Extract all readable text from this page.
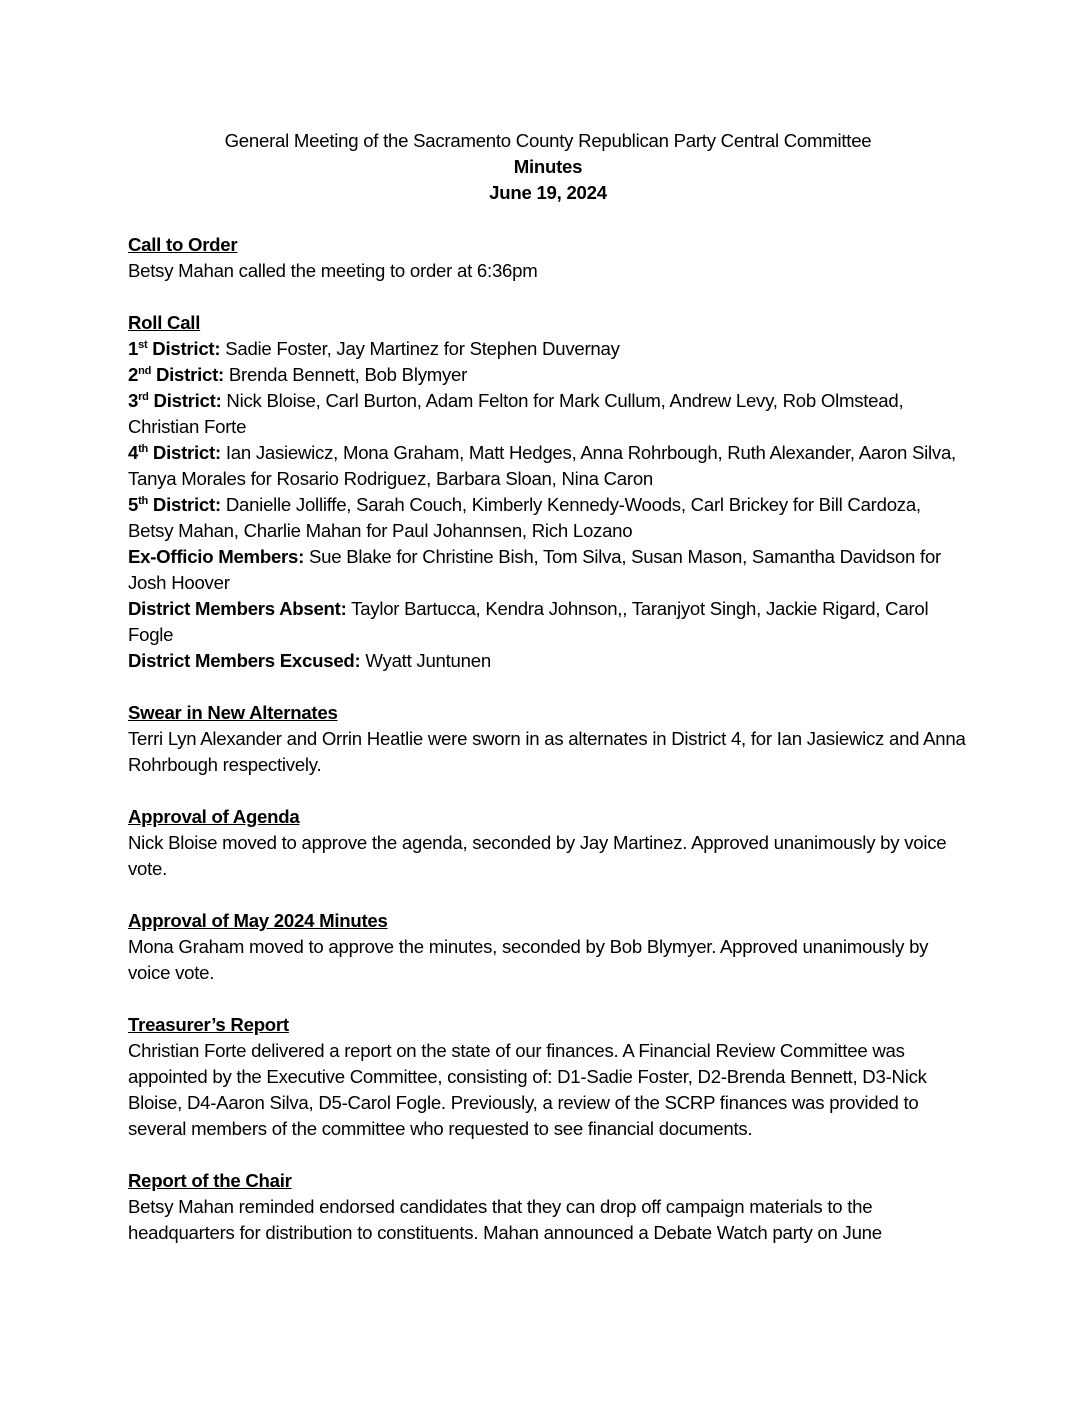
General Meeting of the Sacramento County Republican Party Central Committee
Minutes
June 19, 2024
Call to Order
Betsy Mahan called the meeting to order at 6:36pm
Roll Call
1st District: Sadie Foster, Jay Martinez for Stephen Duvernay
2nd District: Brenda Bennett, Bob Blymyer
3rd District: Nick Bloise, Carl Burton, Adam Felton for Mark Cullum, Andrew Levy, Rob Olmstead, Christian Forte
4th District: Ian Jasiewicz, Mona Graham, Matt Hedges, Anna Rohrbough, Ruth Alexander, Aaron Silva, Tanya Morales for Rosario Rodriguez, Barbara Sloan, Nina Caron
5th District: Danielle Jolliffe, Sarah Couch, Kimberly Kennedy-Woods, Carl Brickey for Bill Cardoza, Betsy Mahan, Charlie Mahan for Paul Johannsen, Rich Lozano
Ex-Officio Members: Sue Blake for Christine Bish, Tom Silva, Susan Mason, Samantha Davidson for Josh Hoover
District Members Absent: Taylor Bartucca, Kendra Johnson,, Taranjyot Singh, Jackie Rigard, Carol Fogle
District Members Excused: Wyatt Juntunen
Swear in New Alternates
Terri Lyn Alexander and Orrin Heatlie were sworn in as alternates in District 4, for Ian Jasiewicz and Anna Rohrbough respectively.
Approval of Agenda
Nick Bloise moved to approve the agenda, seconded by Jay Martinez. Approved unanimously by voice vote.
Approval of May 2024 Minutes
Mona Graham moved to approve the minutes, seconded by Bob Blymyer. Approved unanimously by voice vote.
Treasurer’s Report
Christian Forte delivered a report on the state of our finances. A Financial Review Committee was appointed by the Executive Committee, consisting of: D1-Sadie Foster, D2-Brenda Bennett, D3-Nick Bloise, D4-Aaron Silva, D5-Carol Fogle. Previously, a review of the SCRP finances was provided to several members of the committee who requested to see financial documents.
Report of the Chair
Betsy Mahan reminded endorsed candidates that they can drop off campaign materials to the headquarters for distribution to constituents. Mahan announced a Debate Watch party on June
